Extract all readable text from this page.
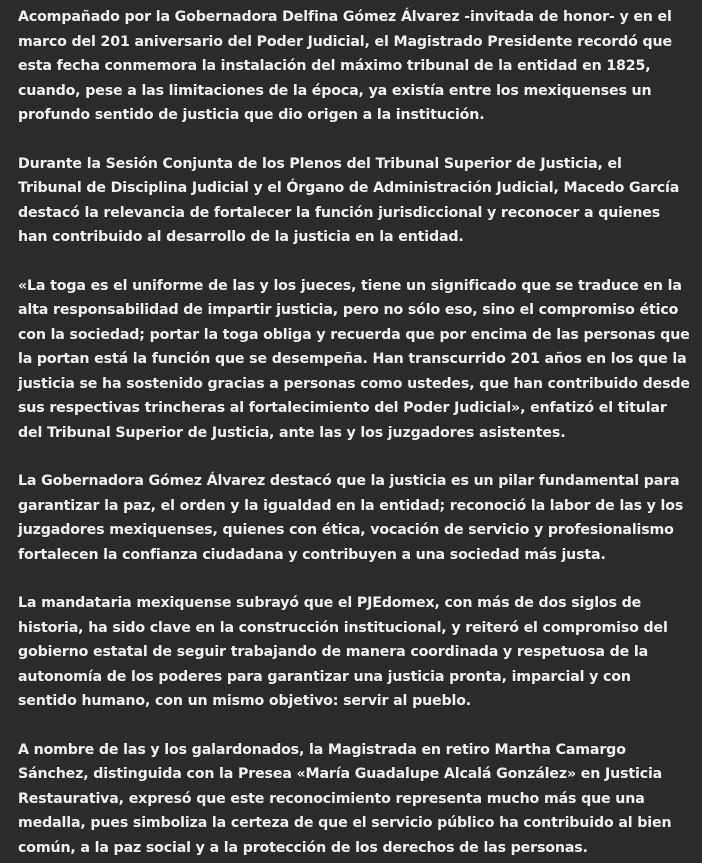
Acompañado por la Gobernadora Delfina Gómez Álvarez -invitada de honor- y en el marco del 201 aniversario del Poder Judicial, el Magistrado Presidente recordó que esta fecha conmemora la instalación del máximo tribunal de la entidad en 1825, cuando, pese a las limitaciones de la época, ya existía entre los mexiquenses un profundo sentido de justicia que dio origen a la institución.

Durante la Sesión Conjunta de los Plenos del Tribunal Superior de Justicia, el Tribunal de Disciplina Judicial y el Órgano de Administración Judicial, Macedo García destacó la relevancia de fortalecer la función jurisdiccional y reconocer a quienes han contribuido al desarrollo de la justicia en la entidad.

«La toga es el uniforme de las y los jueces, tiene un significado que se traduce en la alta responsabilidad de impartir justicia, pero no sólo eso, sino el compromiso ético con la sociedad; portar la toga obliga y recuerda que por encima de las personas que la portan está la función que se desempeña. Han transcurrido 201 años en los que la justicia se ha sostenido gracias a personas como ustedes, que han contribuido desde sus respectivas trincheras al fortalecimiento del Poder Judicial», enfatizó el titular del Tribunal Superior de Justicia, ante las y los juzgadores asistentes.

La Gobernadora Gómez Álvarez destacó que la justicia es un pilar fundamental para garantizar la paz, el orden y la igualdad en la entidad; reconoció la labor de las y los juzgadores mexiquenses, quienes con ética, vocación de servicio y profesionalismo fortalecen la confianza ciudadana y contribuyen a una sociedad más justa.

La mandataria mexiquense subrayó que el PJEdomex, con más de dos siglos de historia, ha sido clave en la construcción institucional, y reiteró el compromiso del gobierno estatal de seguir trabajando de manera coordinada y respetuosa de la autonomía de los poderes para garantizar una justicia pronta, imparcial y con sentido humano, con un mismo objetivo: servir al pueblo.

A nombre de las y los galardonados, la Magistrada en retiro Martha Camargo Sánchez, distinguida con la Presea «María Guadalupe Alcalá González» en Justicia Restaurativa, expresó que este reconocimiento representa mucho más que una medalla, pues simboliza la certeza de que el servicio público ha contribuido al bien común, a la paz social y a la protección de los derechos de las personas.
